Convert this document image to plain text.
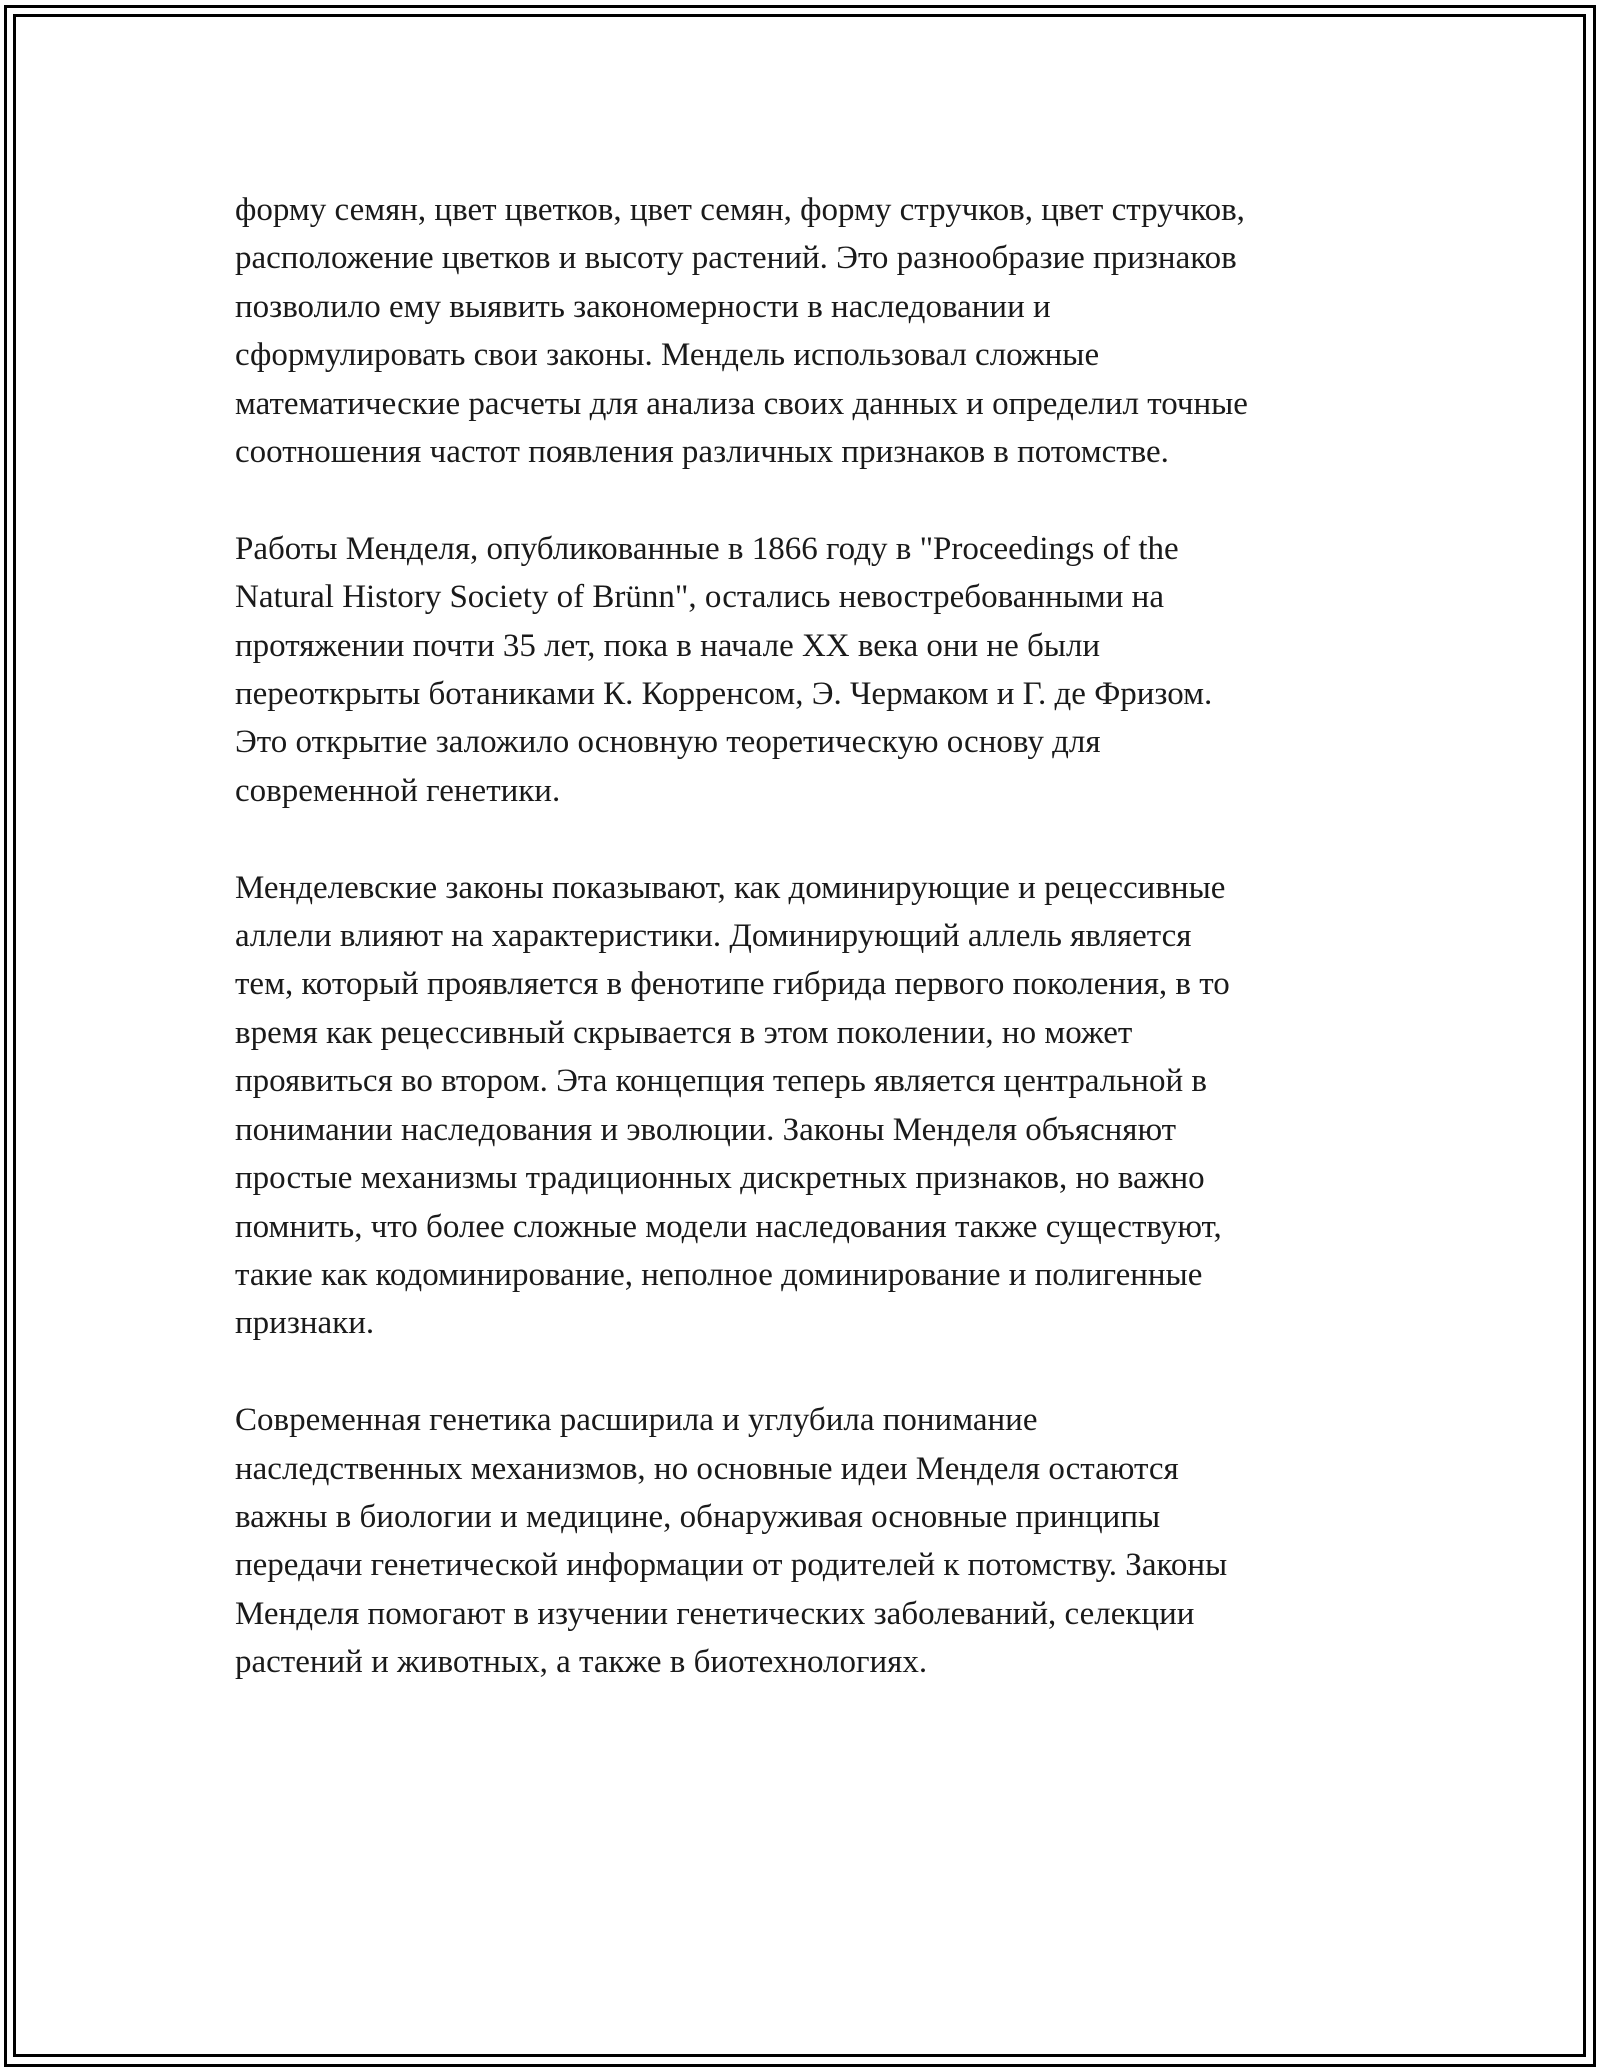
форму семян, цвет цветков, цвет семян, форму стручков, цвет стручков,
расположение цветков и высоту растений. Это разнообразие признаков
позволило ему выявить закономерности в наследовании и
сформулировать свои законы. Мендель использовал сложные
математические расчеты для анализа своих данных и определил точные
соотношения частот появления различных признаков в потомстве.
Работы Менделя, опубликованные в 1866 году в "Proceedings of the
Natural History Society of Brünn", остались невостребованными на
протяжении почти 35 лет, пока в начале XX века они не были
переоткрыты ботаниками К. Корренсом, Э. Чермаком и Г. де Фризом.
Это открытие заложило основную теоретическую основу для
современной генетики.
Менделевские законы показывают, как доминирующие и рецессивные
аллели влияют на характеристики. Доминирующий аллель является
тем, который проявляется в фенотипе гибрида первого поколения, в то
время как рецессивный скрывается в этом поколении, но может
проявиться во втором. Эта концепция теперь является центральной в
понимании наследования и эволюции. Законы Менделя объясняют
простые механизмы традиционных дискретных признаков, но важно
помнить, что более сложные модели наследования также существуют,
такие как кодоминирование, неполное доминирование и полигенные
признаки.
Современная генетика расширила и углубила понимание
наследственных механизмов, но основные идеи Менделя остаются
важны в биологии и медицине, обнаруживая основные принципы
передачи генетической информации от родителей к потомству. Законы
Менделя помогают в изучении генетических заболеваний, селекции
растений и животных, а также в биотехнологиях.
